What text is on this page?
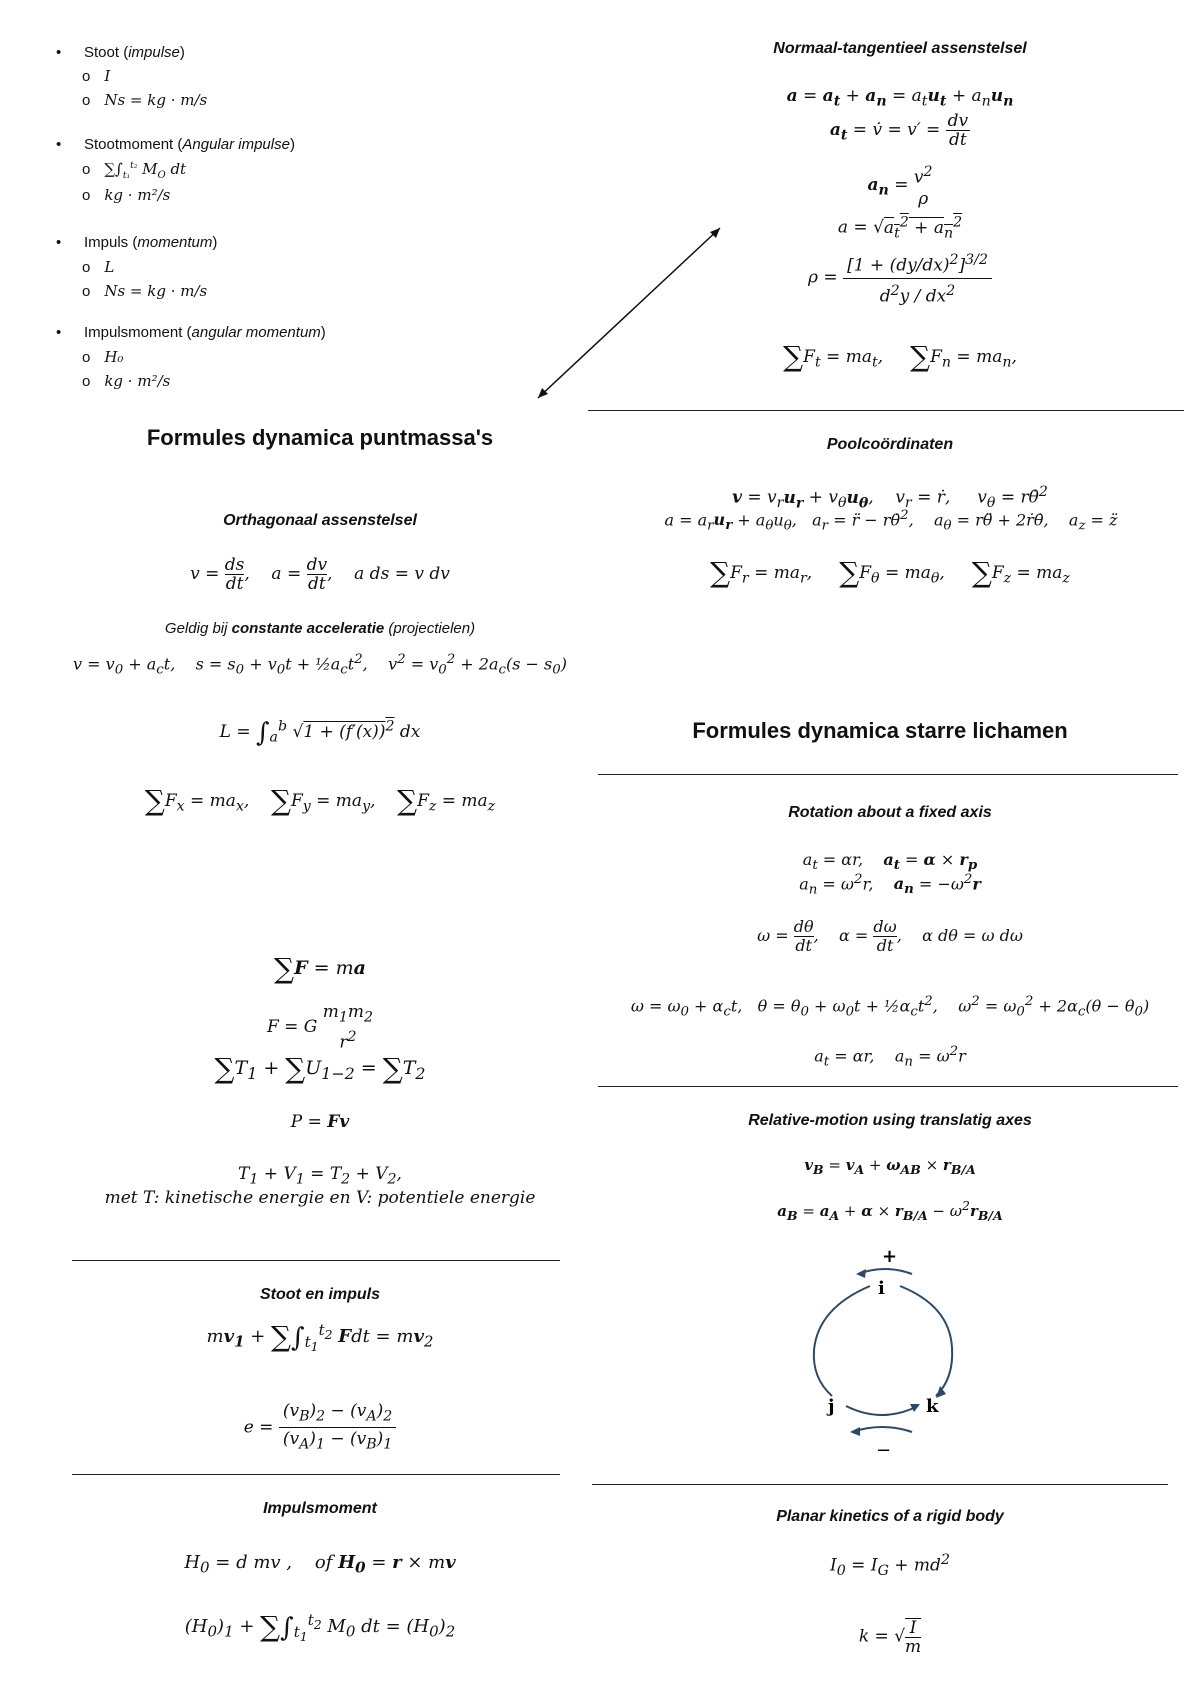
• Stoot (impulse)
o I
o Ns = kg · m/s
• Stootmoment (Angular impulse)
o $\sum\int_{t_1}^{t_2}$ $M_O$ dt
o kg · m²/s
• Impuls (momentum)
o L
o Ns = kg · m/s
• Impulsmoment (angular momentum)
o H₀
o kg · m²/s
Normaal-tangentieel assenstelsel
$a = a_t + a_n = a_tu_t + a_nu_n$
$a_t$ = v̇ = $v' = \frac{dv}{dt}$
$a_n = v^2$
ρ
$a = √a_t^2 + a_n^2$
$\rho = \frac{[1 + (dy/dx)^2]^{3/2}}{d^2y / dx^2}$
$\sum F_t = ma_t$,     $\sum F_n = ma_n$,
Formules dynamica puntmassa's	Poolcoördinaten
$v = v_ru_r + v_\theta u_\theta$,    $v_r$ = ṙ,     $v_\theta$ = rθ̇$^2$
$a = a_ru_r + a_\theta u_\theta$,   $a_r$ = r̈ − rθ̇$^2$,    $a_\theta$ = rθ̈ + 2ṙθ̇,    $a_z$ = z̈
$\sum F_r = ma_r$,     $\sum F_\theta = ma_\theta$,     $\sum F_z = ma_z$
Orthagonaal assenstelsel
$v = \frac{ds}{dt}$ ,    $a = \frac{dv}{dt}$ ,    a ds = v dv
Geldig bij constante acceleratie (projectielen)
$v = v_0 + a_ct$,    $s = s_0 + v_0t$ + $\frac{1}{2}a_ct^2$,    $v^2 = v_0^2 + 2a_c(s - s_0)$
$L = \int_a^b$ $√1 + (f'(x))^2$ dx
$\sum F_x = ma_x$,    $\sum F_y = ma_y$,    $\sum F_z = ma_z$
Formules dynamica starre lichamen
Rotation about a fixed axis
$a_t = \alpha r$,    $a_t = \alpha \times r_p$
$a_n = \omega^2r$,    $a_n = -\omega^2r$
$\omega = \frac{d\theta}{dt}$ ,    $\alpha = \frac{d\omega}{dt}$ ,    α dθ = ω dω
$\omega = \omega_0 + \alpha_ct$,   $\theta = \theta_0 + \omega_0t$ + $\frac{1}{2}\alpha_ct^2$,    $\omega^2 = \omega_0^2 + 2\alpha_c(\theta - \theta_0)$
$a_t = \alpha r$,    $a_n = \omega^2r$
∑F = ma
F = G
$m_1m_2$
$r^2$
$\sum T_1 + \sum U_{1-2} = \sum T_2$
P = Fv
$T_1 + V_1 = T_2 + V_2$,
met T: kinetische energie en V: potentiele energie
Relative-motion using translatig axes
$v_B = v_A + \omega_{AB} \times r_{B/A}$
$a_B = a_A + \alpha \times r_{B/A} - \omega^2r_{B/A}$
+
i
j	k
−
Stoot en impuls
$mv_1 + \sum\int_{t_1}^{t_2}$ Fdt = $mv_2$
$e = \frac{(v_B)_2 - (v_A)_2}{(v_A)_1 - (v_B)_1}$
Impulsmoment
$H_0 = d$ mv ,    of $H_0 = r$ × mv
$(H_0)_1 + \sum\int_{t_1}^{t_2}$ $M_0$ dt = $(H_0)_2$
Planar kinetics of a rigid body
$I_0 = I_G + md^2$
k = √ $\frac{I}{m}$
